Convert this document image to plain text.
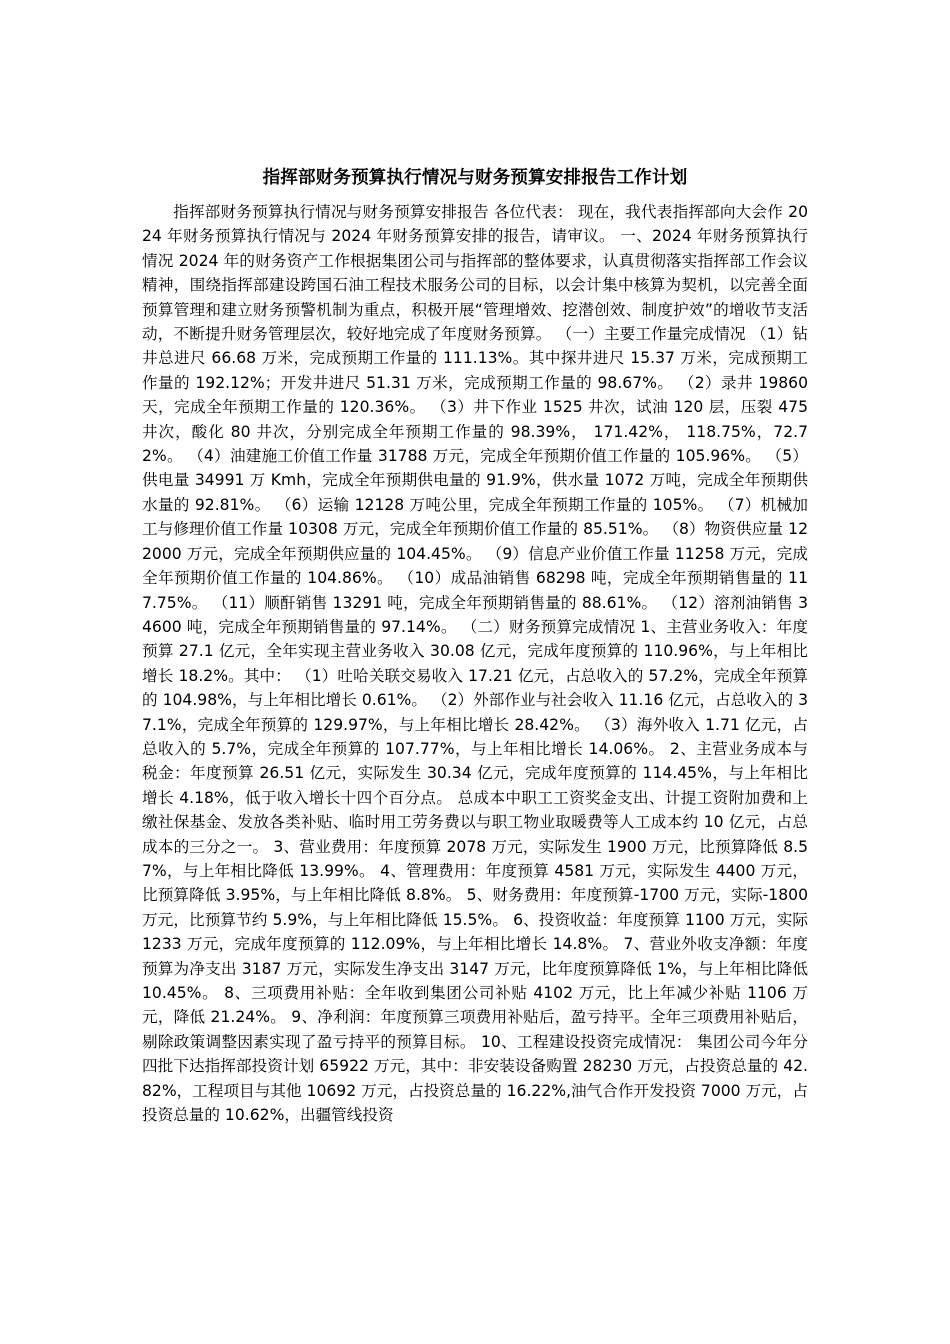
指挥部财务预算执行情况与财务预算安排报告工作计划
指挥部财务预算执行情况与财务预算安排报告 各位代表： 现在，我代表指挥部向大会作 2024 年财务预算执行情况与 2024 年财务预算安排的报告，请审议。 一、2024 年财务预算执行情况 2024 年的财务资产工作根据集团公司与指挥部的整体要求，认真贯彻落实指挥部工作会议精神，围绕指挥部建设跨国石油工程技术服务公司的目标，以会计集中核算为契机，以完善全面预算管理和建立财务预警机制为重点，积极开展“管理增效、挖潜创效、制度护效”的增收节支活动，不断提升财务管理层次，较好地完成了年度财务预算。 （一）主要工作量完成情况 （1）钻井总进尺 66.68 万米，完成预期工作量的 111.13%。其中探井进尺 15.37 万米，完成预期工作量的 192.12%；开发井进尺 51.31 万米，完成预期工作量的 98.67%。 （2）录井 19860 天，完成全年预期工作量的 120.36%。 （3）井下作业 1525 井次，试油 120 层，压裂 475 井次，酸化 80 井次，分别完成全年预期工作量的 98.39%， 171.42%， 118.75%，72.72%。 （4）油建施工价值工作量 31788 万元，完成全年预期价值工作量的 105.96%。 （5）供电量 34991 万 Kmh，完成全年预期供电量的 91.9%，供水量 1072 万吨，完成全年预期供水量的 92.81%。 （6）运输 12128 万吨公里，完成全年预期工作量的 105%。 （7）机械加工与修理价值工作量 10308 万元，完成全年预期价值工作量的 85.51%。 （8）物资供应量 122000 万元，完成全年预期供应量的 104.45%。 （9）信息产业价值工作量 11258 万元，完成全年预期价值工作量的 104.86%。 （10）成品油销售 68298 吨，完成全年预期销售量的 117.75%。 （11）顺酐销售 13291 吨，完成全年预期销售量的 88.61%。 （12）溶剂油销售 34600 吨，完成全年预期销售量的 97.14%。 （二）财务预算完成情况 1、主营业务收入：年度预算 27.1 亿元，全年实现主营业务收入 30.08 亿元，完成年度预算的 110.96%，与上年相比增长 18.2%。其中： （1）吐哈关联交易收入 17.21 亿元，占总收入的 57.2%，完成全年预算的 104.98%，与上年相比增长 0.61%。 （2）外部作业与社会收入 11.16 亿元，占总收入的 37.1%，完成全年预算的 129.97%，与上年相比增长 28.42%。 （3）海外收入 1.71 亿元，占总收入的 5.7%，完成全年预算的 107.77%，与上年相比增长 14.06%。 2、主营业务成本与税金：年度预算 26.51 亿元，实际发生 30.34 亿元，完成年度预算的 114.45%，与上年相比增长 4.18%，低于收入增长十四个百分点。 总成本中职工工资奖金支出、计提工资附加费和上缴社保基金、发放各类补贴、临时用工劳务费以与职工物业取暖费等人工成本约 10 亿元，占总成本的三分之一。 3、营业费用：年度预算 2078 万元，实际发生 1900 万元，比预算降低 8.57%，与上年相比降低 13.99%。 4、管理费用：年度预算 4581 万元，实际发生 4400 万元，比预算降低 3.95%，与上年相比降低 8.8%。 5、财务费用：年度预算-1700 万元，实际-1800 万元，比预算节约 5.9%，与上年相比降低 15.5%。 6、投资收益：年度预算 1100 万元，实际 1233 万元，完成年度预算的 112.09%，与上年相比增长 14.8%。 7、营业外收支净额：年度预算为净支出 3187 万元，实际发生净支出 3147 万元，比年度预算降低 1%，与上年相比降低 10.45%。 8、三项费用补贴：全年收到集团公司补贴 4102 万元，比上年减少补贴 1106 万元，降低 21.24%。 9、净利润：年度预算三项费用补贴后，盈亏持平。全年三项费用补贴后，剔除政策调整因素实现了盈亏持平的预算目标。 10、工程建设投资完成情况： 集团公司今年分四批下达指挥部投资计划 65922 万元，其中：非安装设备购置 28230 万元，占投资总量的 42.82%，工程项目与其他 10692 万元，占投资总量的 16.22%,油气合作开发投资 7000 万元，占投资总量的 10.62%，出疆管线投资
